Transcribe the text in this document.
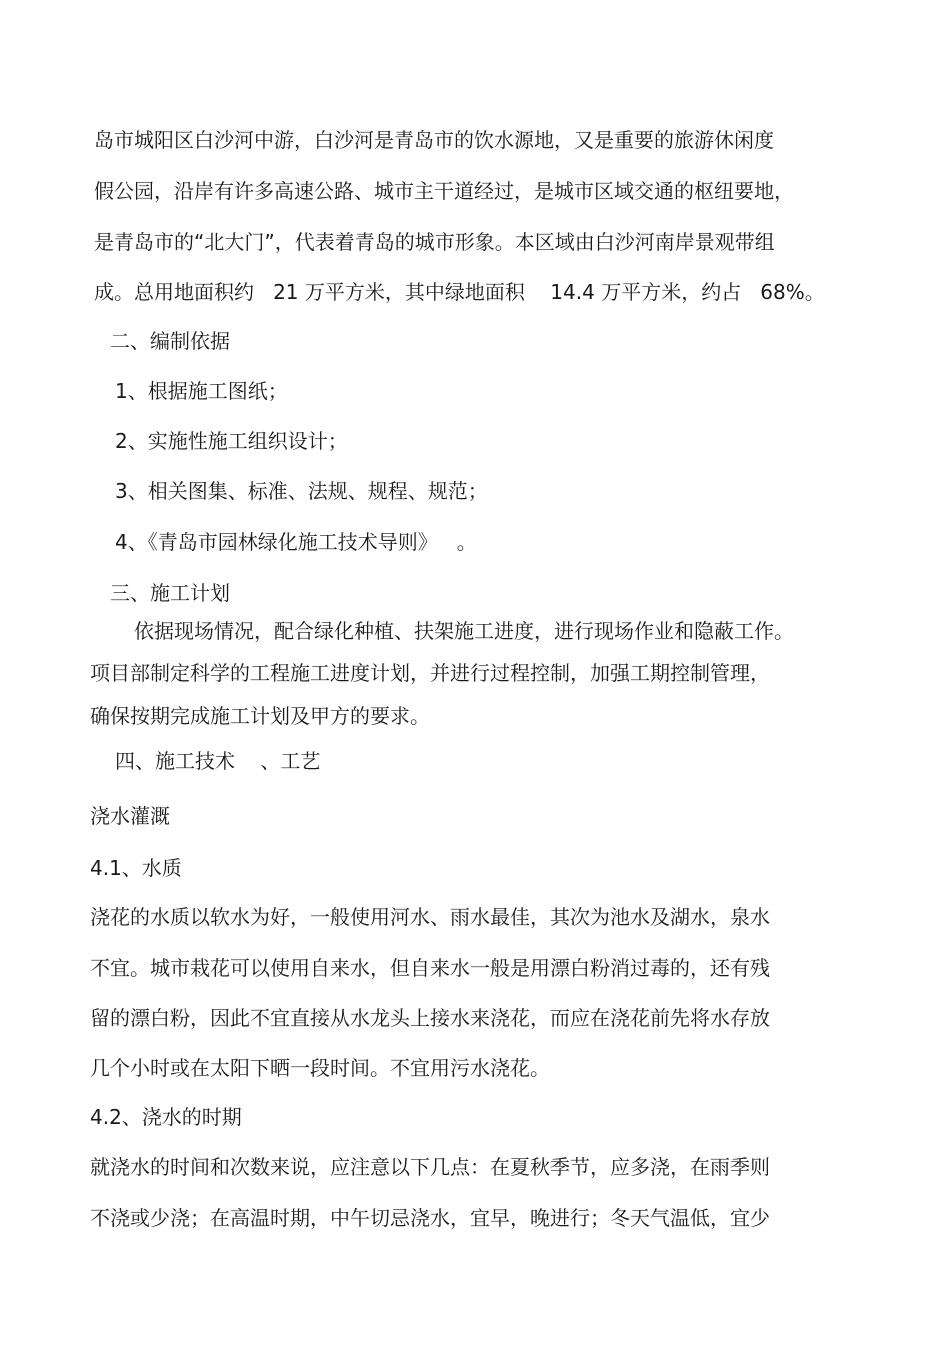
岛市城阳区白沙河中游，白沙河是青岛市的饮水源地，又是重要的旅游休闲度
假公园，沿岸有许多高速公路、城市主干道经过，是城市区域交通的枢纽要地，
是青岛市的“北大门”，代表着青岛的城市形象。本区域由白沙河南岸景观带组
成。总用地面积约   21 万平方米，其中绿地面积    14.4 万平方米，约占   68%。
二、编制依据
1、根据施工图纸；
2、实施性施工组织设计；
3、相关图集、标准、法规、规程、规范；
4、《青岛市园林绿化施工技术导则》   。
三、施工计划
依据现场情况，配合绿化种植、扶架施工进度，进行现场作业和隐蔽工作。
项目部制定科学的工程施工进度计划，并进行过程控制，加强工期控制管理，
确保按期完成施工计划及甲方的要求。
四、施工技术    、工艺
浇水灌溉
4.1、水质
浇花的水质以软水为好，一般使用河水、雨水最佳，其次为池水及湖水，泉水
不宜。城市栽花可以使用自来水，但自来水一般是用漂白粉消过毒的，还有残
留的漂白粉，因此不宜直接从水龙头上接水来浇花，而应在浇花前先将水存放
几个小时或在太阳下晒一段时间。不宜用污水浇花。
4.2、浇水的时期
就浇水的时间和次数来说，应注意以下几点：在夏秋季节，应多浇，在雨季则
不浇或少浇；在高温时期，中午切忌浇水，宜早，晚进行；冬天气温低，宜少
